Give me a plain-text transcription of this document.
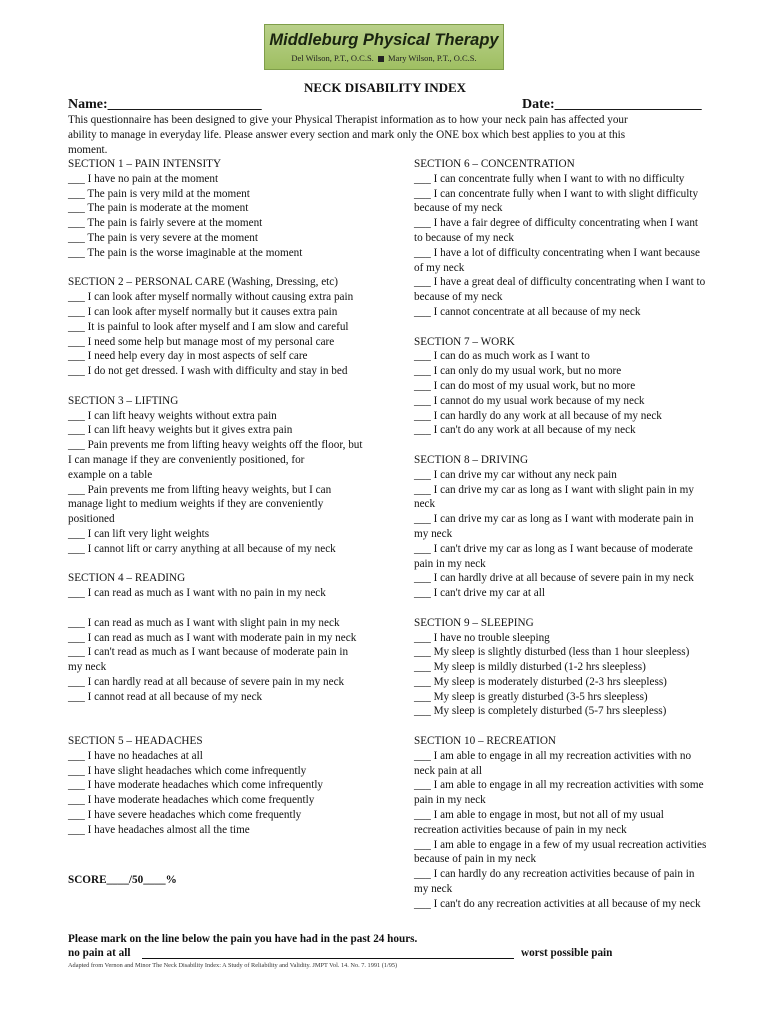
Middleburg Physical Therapy
Del Wilson, P.T., O.C.S. Mary Wilson, P.T., O.C.S.
NECK DISABILITY INDEX
Name:______________________	Date:_____________________
This questionnaire has been designed to give your Physical Therapist information as to how your neck pain has affected your
ability to manage in everyday life. Please answer every section and mark only the ONE box which best applies to you at this
moment.
SECTION 1 – PAIN INTENSITY
___ I have no pain at the moment
___ The pain is very mild at the moment
___ The pain is moderate at the moment
___ The pain is fairly severe at the moment
___ The pain is very severe at the moment
___ The pain is the worse imaginable at the moment
SECTION 2 – PERSONAL CARE (Washing, Dressing, etc)
___ I can look after myself normally without causing extra pain
___ I can look after myself normally but it causes extra pain
___ It is painful to look after myself and I am slow and careful
___ I need some help but manage most of my personal care
___ I need help every day in most aspects of self care
___ I do not get dressed. I wash with difficulty and stay in bed
SECTION 3 – LIFTING
___ I can lift heavy weights without extra pain
___ I can lift heavy weights but it gives extra pain
___ Pain prevents me from lifting heavy weights off the floor, but
I can manage if they are conveniently positioned, for
example on a table
___ Pain prevents me from lifting heavy weights, but I can
manage light to medium weights if they are conveniently
positioned
___ I can lift very light weights
___ I cannot lift or carry anything at all because of my neck
SECTION 4 – READING
___ I can read as much as I want with no pain in my neck
___ I can read as much as I want with slight pain in my neck
___ I can read as much as I want with moderate pain in my neck
___ I can't read as much as I want because of moderate pain in
my neck
___ I can hardly read at all because of severe pain in my neck
___ I cannot read at all because of my neck
SECTION 5 – HEADACHES
___ I have no headaches at all
___ I have slight headaches which come infrequently
___ I have moderate headaches which come infrequently
___ I have moderate headaches which come frequently
___ I have severe headaches which come frequently
___ I have headaches almost all the time
SECTION 6 – CONCENTRATION
___ I can concentrate fully when I want to with no difficulty
___ I can concentrate fully when I want to with slight difficulty
because of my neck
___ I have a fair degree of difficulty concentrating when I want
to because of my neck
___ I have a lot of difficulty concentrating when I want because
of my neck
___ I have a great deal of difficulty concentrating when I want to
because of my neck
___ I cannot concentrate at all because of my neck
SECTION 7 – WORK
___ I can do as much work as I want to
___ I can only do my usual work, but no more
___ I can do most of my usual work, but no more
___ I cannot do my usual work because of my neck
___ I can hardly do any work at all because of my neck
___ I can't do any work at all because of my neck
SECTION 8 – DRIVING
___ I can drive my car without any neck pain
___ I can drive my car as long as I want with slight pain in my
neck
___ I can drive my car as long as I want with moderate pain in
my neck
___ I can't drive my car as long as I want because of moderate
pain in my neck
___ I can hardly drive at all because of severe pain in my neck
___ I can't drive my car at all
SECTION 9 – SLEEPING
___ I have no trouble sleeping
___ My sleep is slightly disturbed (less than 1 hour sleepless)
___ My sleep is mildly disturbed (1-2 hrs sleepless)
___ My sleep is moderately disturbed (2-3 hrs sleepless)
___ My sleep is greatly disturbed (3-5 hrs sleepless)
___ My sleep is completely disturbed (5-7 hrs sleepless)
SECTION 10 – RECREATION
___ I am able to engage in all my recreation activities with no
neck pain at all
___ I am able to engage in all my recreation activities with some
pain in my neck
___ I am able to engage in most, but not all of my usual
recreation activities because of pain in my neck
___ I am able to engage in a few of my usual recreation activities
because of pain in my neck
___ I can hardly do any recreation activities because of pain in
my neck
___ I can't do any recreation activities at all because of my neck
SCORE____/50____%
Please mark on the line below the pain you have had in the past 24 hours.
no pain at all	worst possible pain
Adapted from Vernon and Minor The Neck Disability Index: A Study of Reliability and Validity. JMPT Vol. 14. No. 7. 1991 (1/95)
